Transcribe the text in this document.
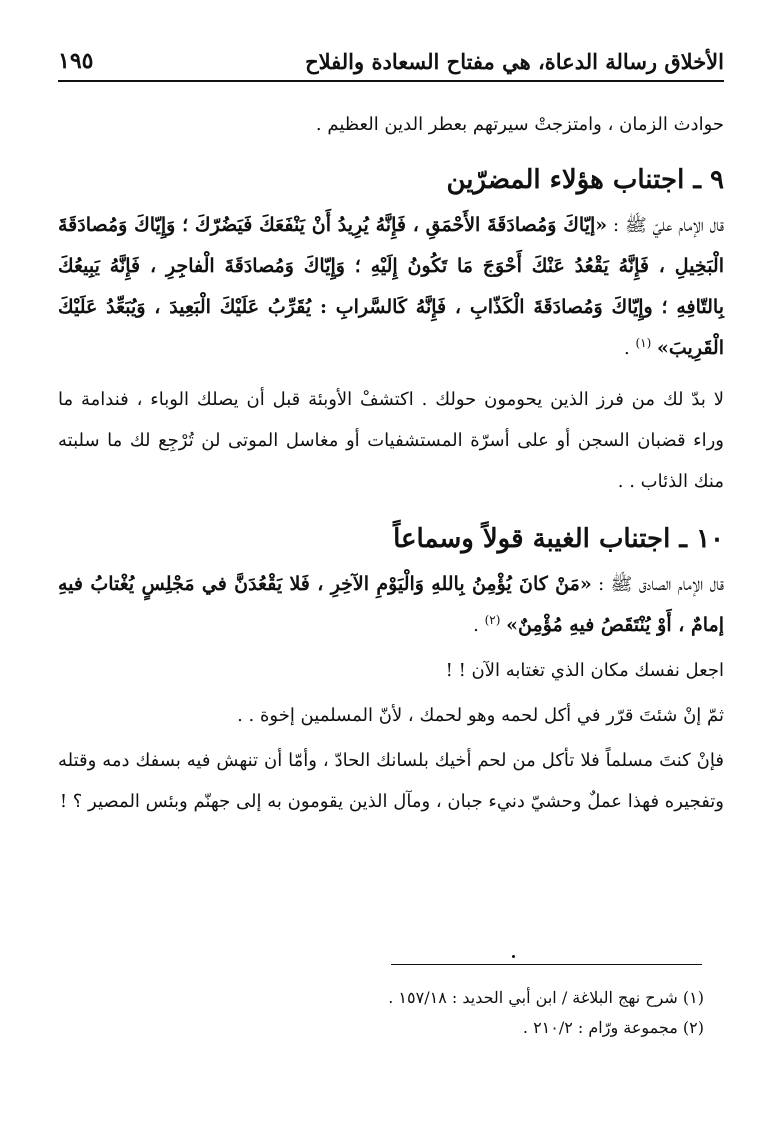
الأخلاق رسالة الدعاة، هي مفتاح السعادة والفلاح
١٩٥

حوادث الزمان ، وامتزجتْ سيرتهم بعطر الدين العظيم .

٩ ـ اجتناب هؤلاء المضرّين

قال الإمام عليّ ﷺ : «إيّاكَ وَمُصادَقَةَ الأَحْمَقِ ، فَإِنَّهُ يُرِيدُ أَنْ يَنْفَعَكَ فَيَضُرّكَ ؛ وَإِيّاكَ وَمُصادَقَةَ الْبَخِيلِ ، فَإِنَّهُ يَقْعُدُ عَنْكَ أَحْوَجَ مَا تَكُونُ إِلَيْهِ ؛ وَإِيّاكَ وَمُصادَقَةَ الْفاجِرِ ، فَإِنَّهُ يَبِيعُكَ بِالتّافِهِ ؛ وإِيّاكَ وَمُصادَقَةَ الْكَذّابِ ، فَإِنَّهُ كَالسَّرابِ : يُقَرِّبُ عَلَيْكَ الْبَعِيدَ ، وَيُبَعِّدُ عَلَيْكَ الْقَرِيبَ» $^{(١)}$ .

لا بدّ لك من فرز الذين يحومون حولك . اكتشفْ الأوبئة قبل أن يصلك الوباء ، فندامة ما وراء قضبان السجن أو على أسرّة المستشفيات أو مغاسل الموتى لن تُرْجِع لك ما سلبته منك الذئاب . .

١٠ ـ اجتناب الغيبة قولاً وسماعاً

قال الإمام الصادق ﷺ : «مَنْ كانَ يُؤْمِنُ بِاللهِ وَالْيَوْمِ الآخِرِ ، فَلا يَقْعُدَنَّ في مَجْلِسٍ يُغْتابُ فيهِ إمامٌ ، أَوْ يُنْتَقَصُ فيهِ مُؤْمِنٌ» $^{(٢)}$ .

اجعل نفسك مكان الذي تغتابه الآن ! !

ثمّ إنْ شئتَ قرّر في أكل لحمه وهو لحمك ، لأنّ المسلمين إخوة . .

فإنْ كنتَ مسلماً فلا تأكل من لحم أخيك بلسانك الحادّ ، وأمّا أن تنهش فيه بسفك دمه وقتله وتفجيره فهذا عملٌ وحشيّ دنيء جبان ، ومآل الذين يقومون به إلى جهنّم وبئس المصير ؟ !

(١) شرح نهج البلاغة / ابن أبي الحديد : ١٥٧/١٨ .

(٢) مجموعة ورّام : ٢١٠/٢ .
